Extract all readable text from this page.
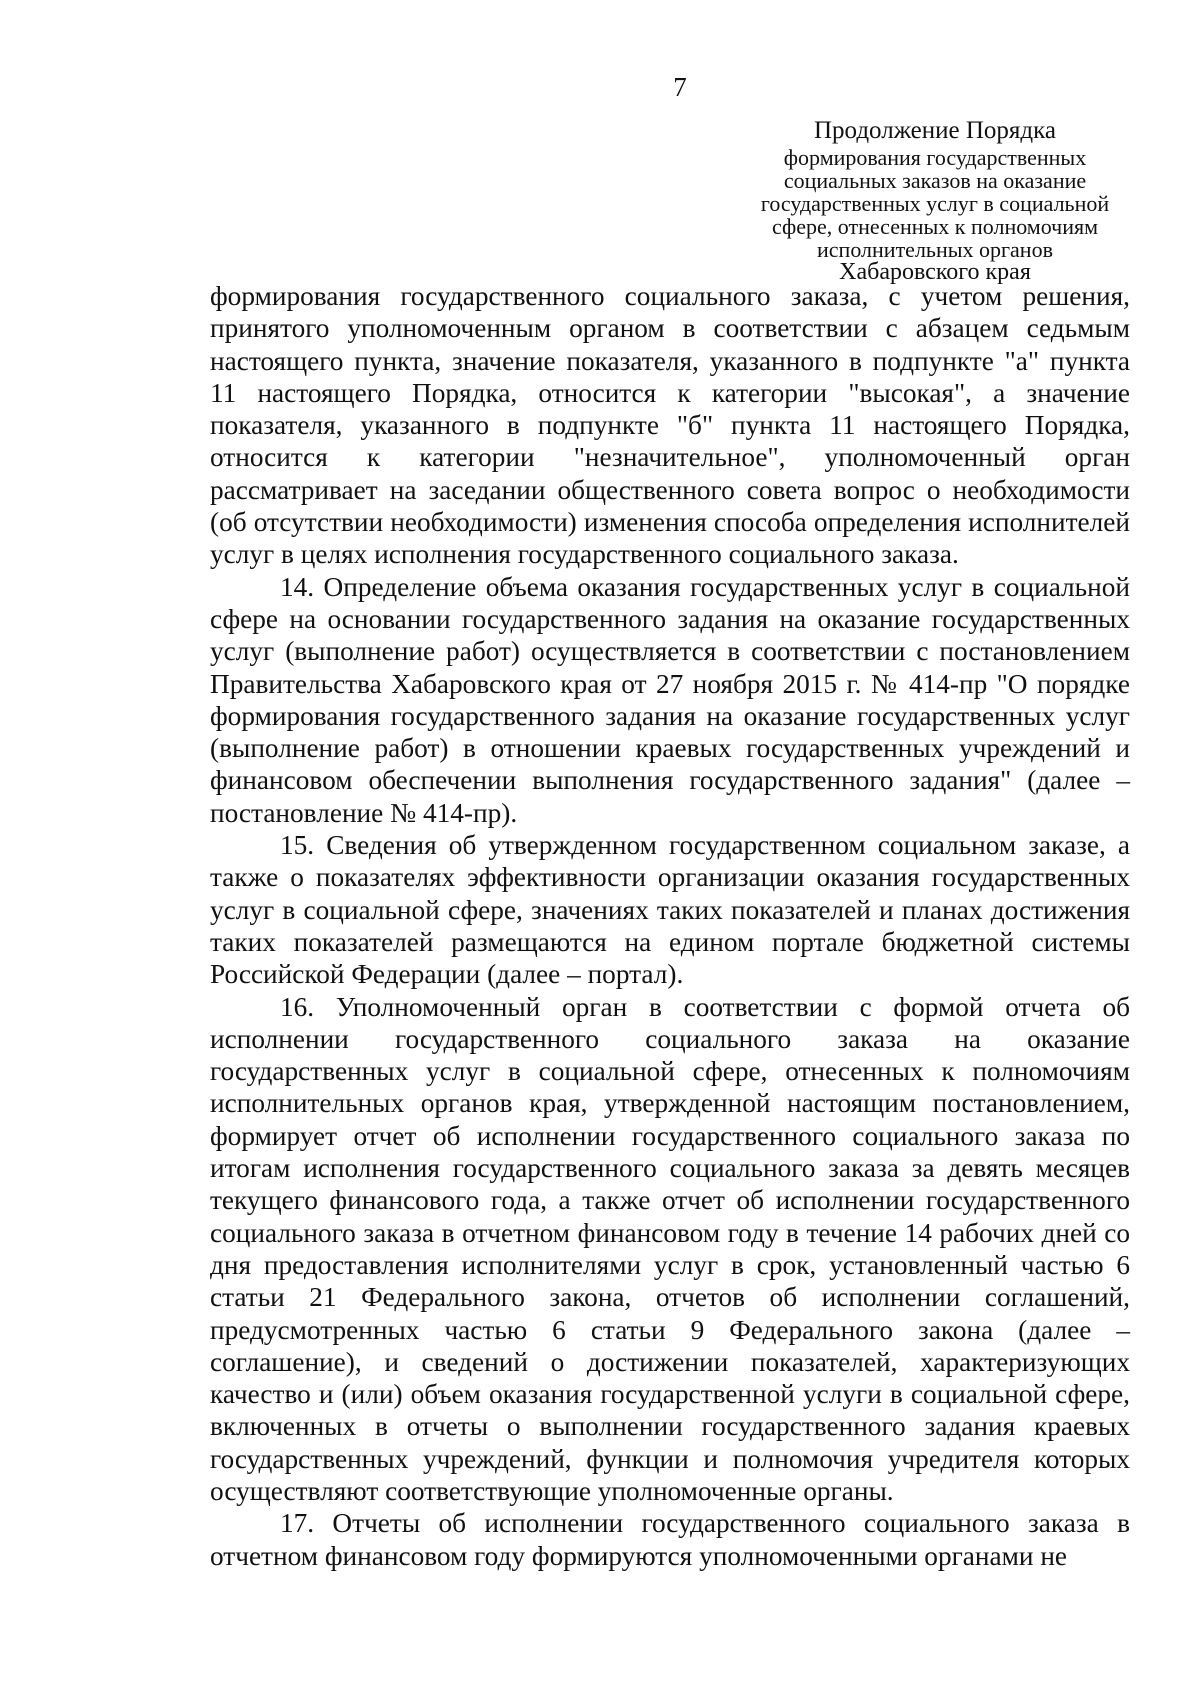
7
Продолжение Порядка
формирования государственных
социальных заказов на оказание
государственных услуг в социальной
сфере, отнесенных к полномочиям
исполнительных органов
Хабаровского края

формирования государственного социального заказа, с учетом решения, принятого уполномоченным органом в соответствии с абзацем седьмым настоящего пункта, значение показателя, указанного в подпункте "а" пункта 11 настоящего Порядка, относится к категории "высокая", а значение показателя, указанного в подпункте "б" пункта 11 настоящего Порядка, относится к категории "незначительное", уполномоченный орган рассматривает на заседании общественного совета вопрос о необходимости (об отсутствии необходимости) изменения способа определения исполнителей услуг в целях исполнения государственного социального заказа.

14. Определение объема оказания государственных услуг в социальной сфере на основании государственного задания на оказание государственных услуг (выполнение работ) осуществляется в соответствии с постановлением Правительства Хабаровского края от 27 ноября 2015 г. № 414-пр "О порядке формирования государственного задания на оказание государственных услуг (выполнение работ) в отношении краевых государственных учреждений и финансовом обеспечении выполнения государственного задания" (далее – постановление № 414-пр).

15. Сведения об утвержденном государственном социальном заказе, а также о показателях эффективности организации оказания государственных услуг в социальной сфере, значениях таких показателей и планах достижения таких показателей размещаются на едином портале бюджетной системы Российской Федерации (далее – портал).

16. Уполномоченный орган в соответствии с формой отчета об исполнении государственного социального заказа на оказание государственных услуг в социальной сфере, отнесенных к полномочиям исполнительных органов края, утвержденной настоящим постановлением, формирует отчет об исполнении государственного социального заказа по итогам исполнения государственного социального заказа за девять месяцев текущего финансового года, а также отчет об исполнении государственного социального заказа в отчетном финансовом году в течение 14 рабочих дней со дня предоставления исполнителями услуг в срок, установленный частью 6 статьи 21 Федерального закона, отчетов об исполнении соглашений, предусмотренных частью 6 статьи 9 Федерального закона (далее – соглашение), и сведений о достижении показателей, характеризующих качество и (или) объем оказания государственной услуги в социальной сфере, включенных в отчеты о выполнении государственного задания краевых государственных учреждений, функции и полномочия учредителя которых осуществляют соответствующие уполномоченные органы.

17. Отчеты об исполнении государственного социального заказа в отчетном финансовом году формируются уполномоченными органами не
